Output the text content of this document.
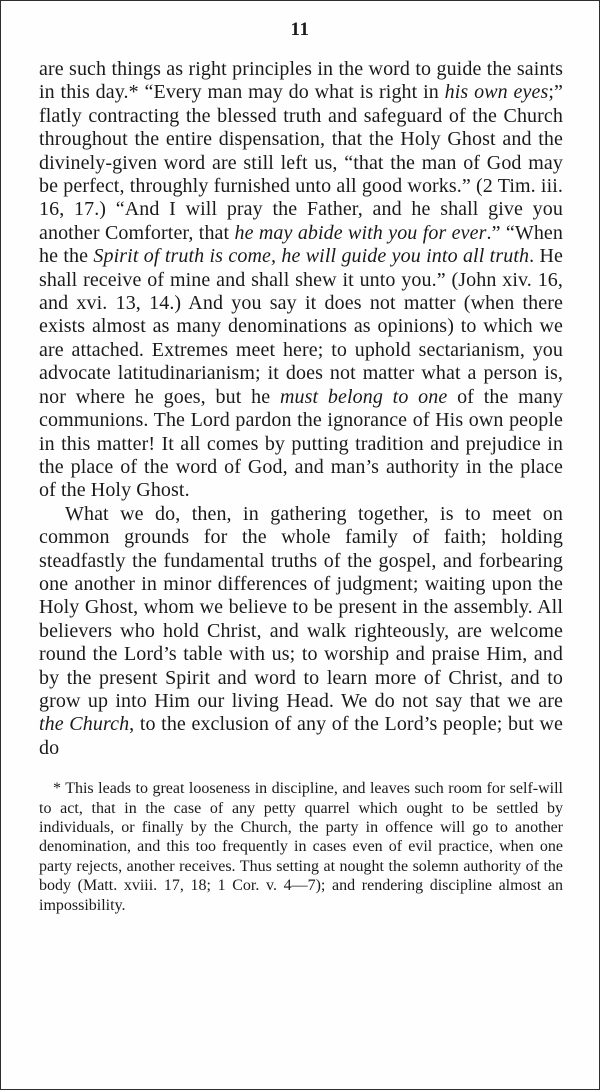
11

are such things as right principles in the word to guide the saints in this day.* “Every man may do what is right in his own eyes;” flatly contracting the blessed truth and safeguard of the Church throughout the entire dispensation, that the Holy Ghost and the divinely-given word are still left us, “that the man of God may be perfect, throughly furnished unto all good works.” (2 Tim. iii. 16, 17.) “And I will pray the Father, and he shall give you another Comforter, that he may abide with you for ever.” “When he the Spirit of truth is come, he will guide you into all truth. He shall receive of mine and shall shew it unto you.” (John xiv. 16, and xvi. 13, 14.) And you say it does not matter (when there exists almost as many denominations as opinions) to which we are attached. Extremes meet here; to uphold sectarianism, you advocate latitudinarianism; it does not matter what a person is, nor where he goes, but he must belong to one of the many communions. The Lord pardon the ignorance of His own people in this matter! It all comes by putting tradition and prejudice in the place of the word of God, and man’s authority in the place of the Holy Ghost.

What we do, then, in gathering together, is to meet on common grounds for the whole family of faith; holding steadfastly the fundamental truths of the gospel, and forbearing one another in minor differences of judgment; waiting upon the Holy Ghost, whom we believe to be present in the assembly. All believers who hold Christ, and walk righteously, are welcome round the Lord’s table with us; to worship and praise Him, and by the present Spirit and word to learn more of Christ, and to grow up into Him our living Head. We do not say that we are the Church, to the exclusion of any of the Lord’s people; but we do

* This leads to great looseness in discipline, and leaves such room for self-will to act, that in the case of any petty quarrel which ought to be settled by individuals, or finally by the Church, the party in offence will go to another denomination, and this too frequently in cases even of evil practice, when one party rejects, another receives. Thus setting at nought the solemn authority of the body (Matt. xviii. 17, 18; 1 Cor. v. 4—7); and rendering discipline almost an impossibility.
